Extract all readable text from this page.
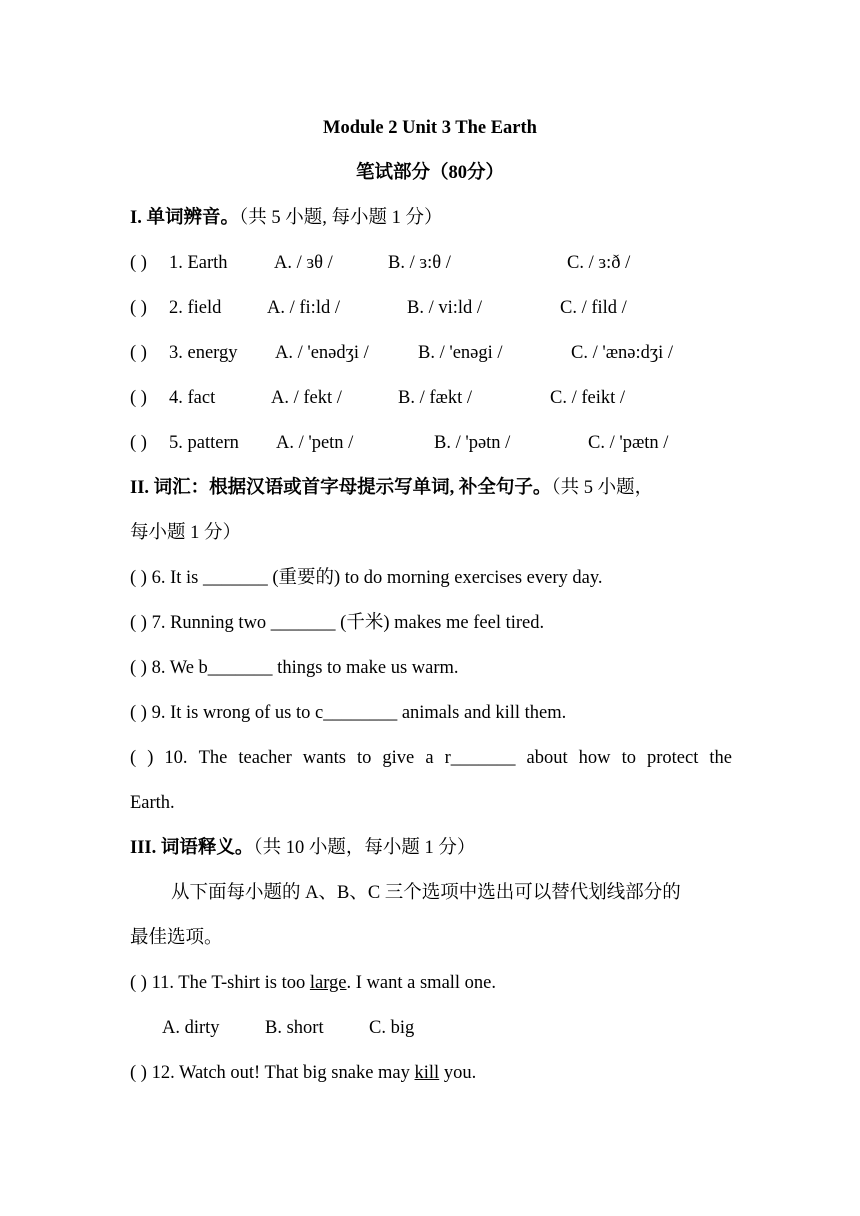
Module 2 Unit 3 The Earth
笔试部分（80分）
I. 单词辨音。（共 5 小题, 每小题 1 分）
( ) 1. Earth	A. / ɜθ /	B. / ɜ:θ /	C. / ɜ:ð /
( ) 2. field A. / fi:ld /	B. / vi:ld /	C. / fild /
( ) 3. energy A. / 'enədʒi /	B. / 'enəgi /	C. / 'ænə:dʒi /
( ) 4. fact	A. / fekt /	B. / fækt /	C. / feikt /
( ) 5. pattern A. / 'petn /	B. / 'pətn /	C. / 'pætn /
II. 词汇：根据汉语或首字母提示写单词, 补全句子。（共 5 小题，
每小题 1 分）
( ) 6. It is _______ (重要的) to do morning exercises every day.
( ) 7. Running two _______ (千米) makes me feel tired.
( ) 8. We b_______ things to make us warm.
( ) 9. It is wrong of us to c________ animals and kill them.
( ) 10. The teacher wants to give a r_______ about how to protect the
Earth.
III. 词语释义。（共 10 小题，每小题 1 分）
从下面每小题的 A、B、C 三个选项中选出可以替代划线部分的
最佳选项。
( ) 11. The T-shirt is too large. I want a small one.
A. dirty B. short C. big
( ) 12. Watch out! That big snake may kill you.
